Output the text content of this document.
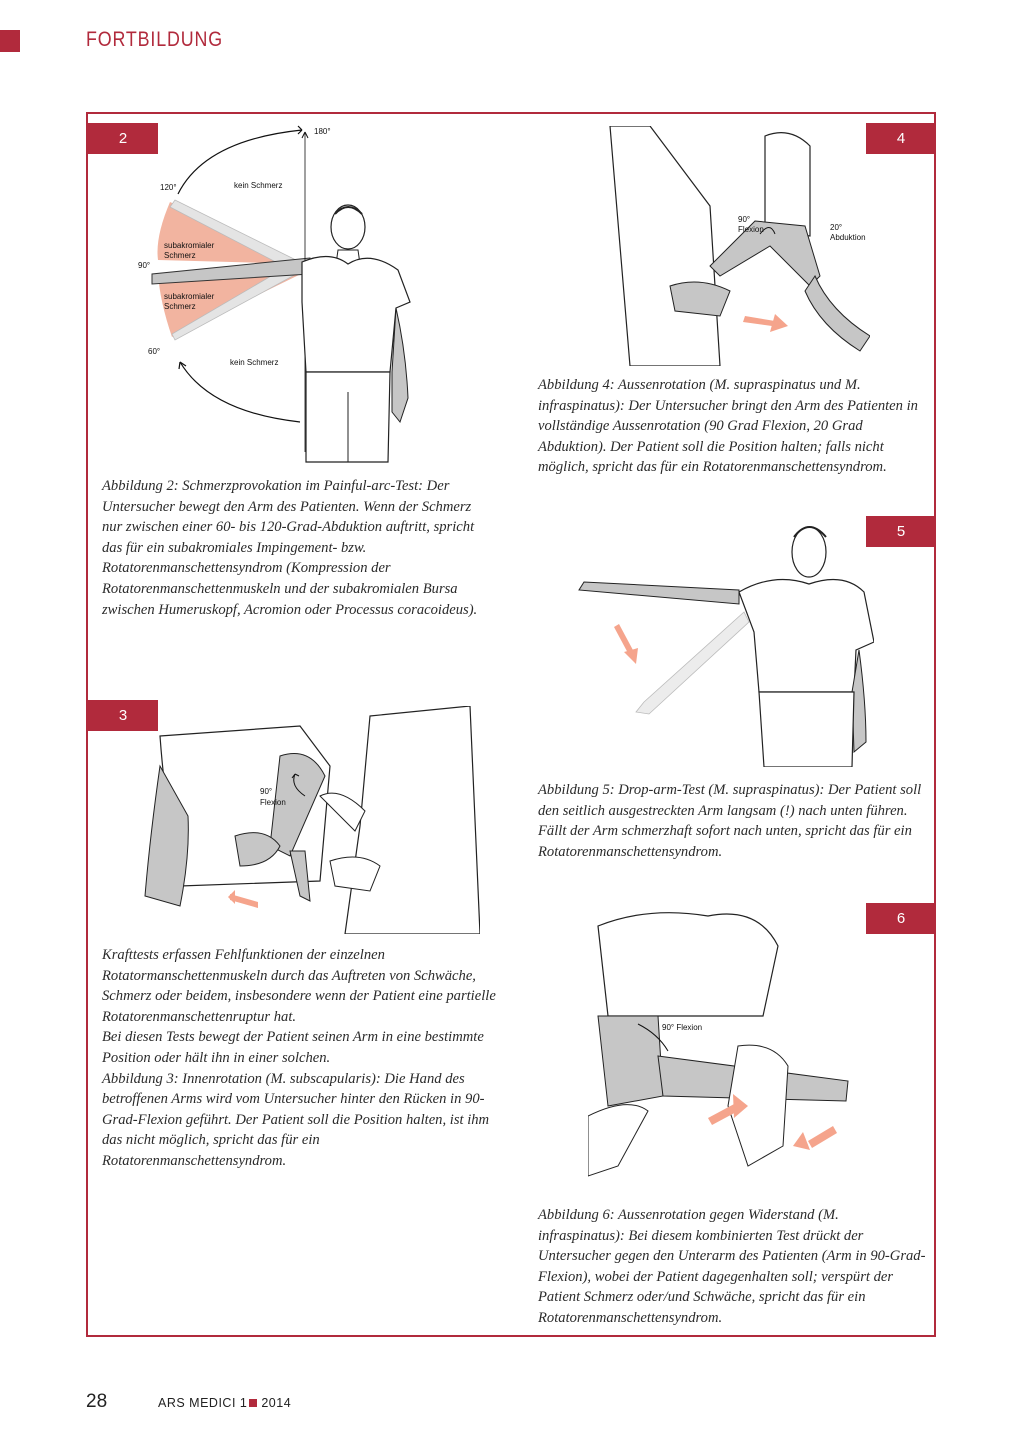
FORTBILDUNG
2	180°
120°
90°
60°
kein Schmerz
kein Schmerz
subakromialer
Schmerz
subakromialer
Schmerz
Abbildung 2: Schmerzprovokation im Painful-arc-Test: Der Untersucher bewegt den Arm des Patienten. Wenn der Schmerz nur zwischen einer 60- bis 120-Grad-Abduktion auftritt, spricht das für ein subakromiales Impingement- bzw. Rotatorenmanschettensyndrom (Kompression der Rotatorenmanschettenmuskeln und der subakromialen Bursa zwischen Humeruskopf, Acromion oder Processus coracoideus).
3
90°
Flexion

Krafttests erfassen Fehlfunktionen der einzelnen Rotatormanschettenmuskeln durch das Auftreten von Schwäche, Schmerz oder beidem, insbesondere wenn der Patient eine partielle Rotatorenmanschettenruptur hat.

Bei diesen Tests bewegt der Patient seinen Arm in eine bestimmte Position oder hält ihn in einer solchen.

Abbildung 3: Innenrotation (M. subscapularis): Die Hand des betroffenen Arms wird vom Untersucher hinter den Rücken in 90-Grad-Flexion geführt. Der Patient soll die Position halten, ist ihm das nicht möglich, spricht das für ein Rotatorenmanschettensyndrom.

4
90°
Flexion	20°
Abduktion
Abbildung 4: Aussenrotation (M. supraspinatus und M. infraspinatus): Der Untersucher bringt den Arm des Patienten in vollständige Aussenrotation (90 Grad Flexion, 20 Grad Abduktion). Der Patient soll die Position halten; falls nicht möglich, spricht das für ein Rotatorenmanschettensyndrom.
5
Abbildung 5: Drop-arm-Test (M. supraspinatus): Der Patient soll den seitlich ausgestreckten Arm langsam (!) nach unten führen. Fällt der Arm schmerzhaft sofort nach unten, spricht das für ein Rotatorenmanschettensyndrom.
6
90° Flexion
Abbildung 6: Aussenrotation gegen Widerstand (M. infraspinatus): Bei diesem kombinierten Test drückt der Untersucher gegen den Unterarm des Patienten (Arm in 90-Grad-Flexion), wobei der Patient dagegenhalten soll; verspürt der Patient Schmerz oder/und Schwäche, spricht das für ein Rotatorenmanschettensyndrom.
28	ARS MEDICI 1 2014
